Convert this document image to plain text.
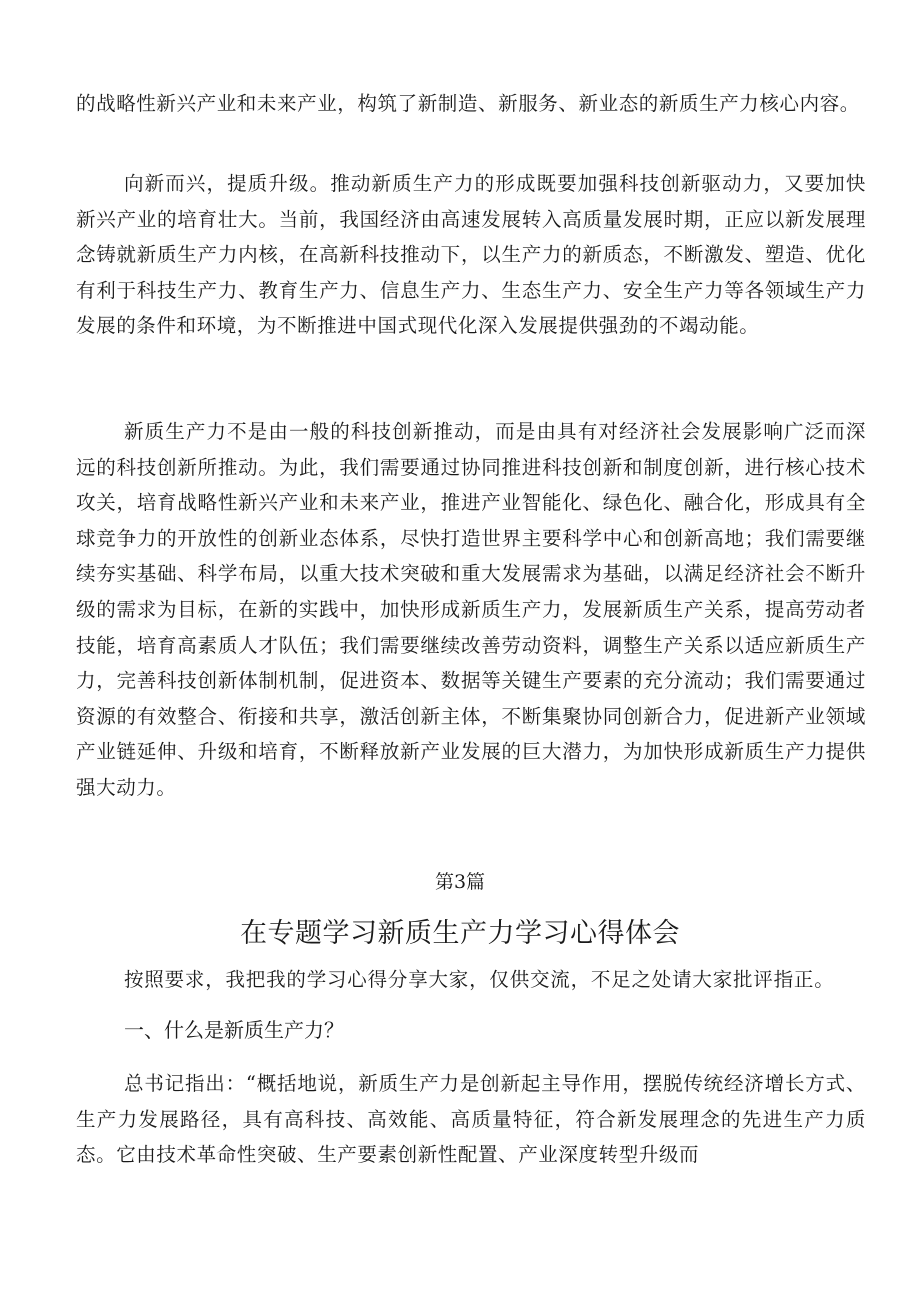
的战略性新兴产业和未来产业，构筑了新制造、新服务、新业态的新质生产力核心内容。

向新而兴，提质升级。推动新质生产力的形成既要加强科技创新驱动力，又要加快新兴产业的培育壮大。当前，我国经济由高速发展转入高质量发展时期，正应以新发展理念铸就新质生产力内核，在高新科技推动下，以生产力的新质态，不断激发、塑造、优化有利于科技生产力、教育生产力、信息生产力、生态生产力、安全生产力等各领域生产力发展的条件和环境，为不断推进中国式现代化深入发展提供强劲的不竭动能。

新质生产力不是由一般的科技创新推动，而是由具有对经济社会发展影响广泛而深远的科技创新所推动。为此，我们需要通过协同推进科技创新和制度创新，进行核心技术攻关，培育战略性新兴产业和未来产业，推进产业智能化、绿色化、融合化，形成具有全球竞争力的开放性的创新业态体系，尽快打造世界主要科学中心和创新高地；我们需要继续夯实基础、科学布局，以重大技术突破和重大发展需求为基础，以满足经济社会不断升级的需求为目标，在新的实践中，加快形成新质生产力，发展新质生产关系，提高劳动者技能，培育高素质人才队伍；我们需要继续改善劳动资料，调整生产关系以适应新质生产力，完善科技创新体制机制，促进资本、数据等关键生产要素的充分流动；我们需要通过资源的有效整合、衔接和共享，激活创新主体，不断集聚协同创新合力，促进新产业领域产业链延伸、升级和培育，不断释放新产业发展的巨大潜力，为加快形成新质生产力提供强大动力。

第3篇
在专题学习新质生产力学习心得体会

按照要求，我把我的学习心得分享大家，仅供交流，不足之处请大家批评指正。

一、什么是新质生产力？

总书记指出：“概括地说，新质生产力是创新起主导作用，摆脱传统经济增长方式、生产力发展路径，具有高科技、高效能、高质量特征，符合新发展理念的先进生产力质态。它由技术革命性突破、生产要素创新性配置、产业深度转型升级而
